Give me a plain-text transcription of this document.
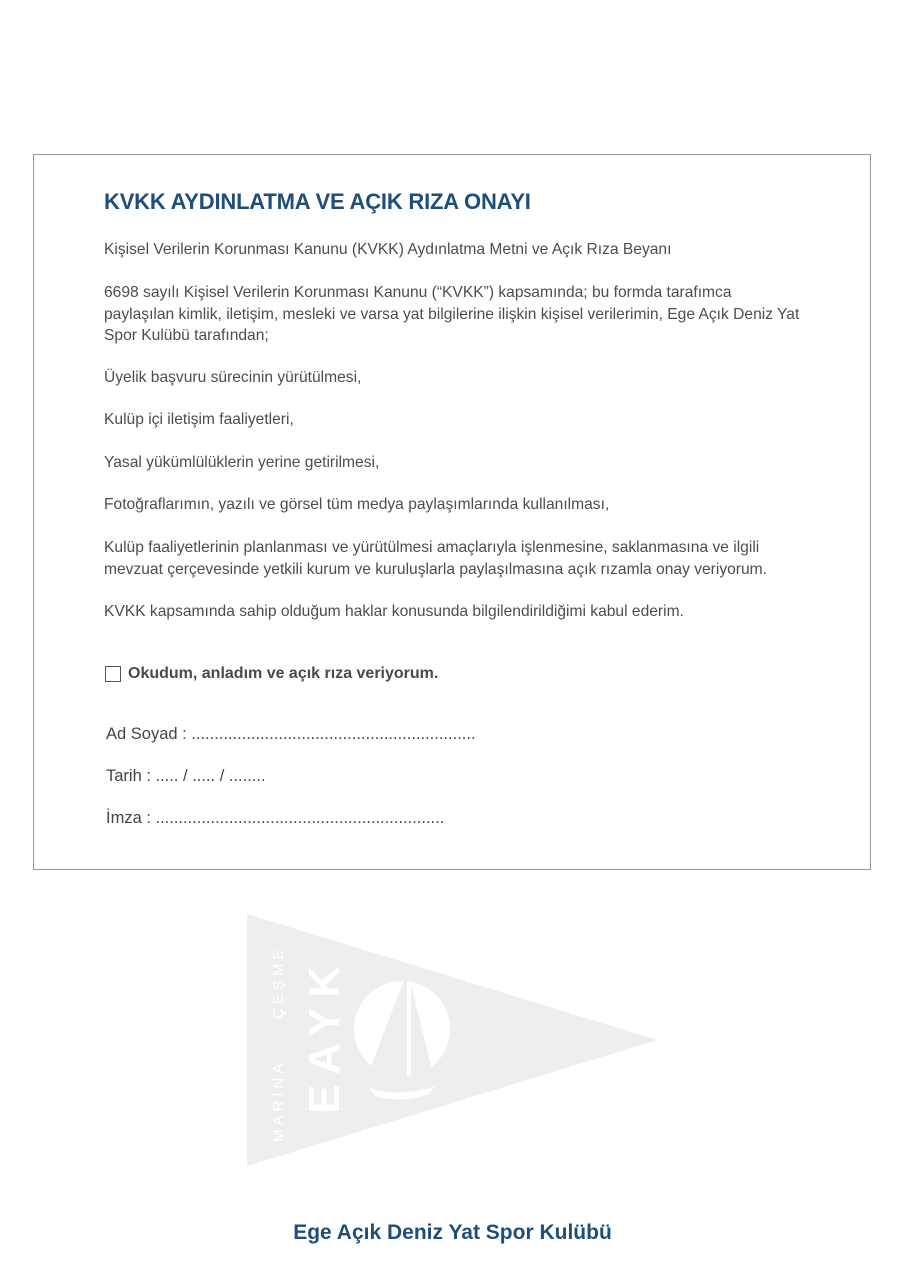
KVKK AYDINLATMA VE AÇIK RIZA ONAYI

Kişisel Verilerin Korunması Kanunu (KVKK) Aydınlatma Metni ve Açık Rıza Beyanı

6698 sayılı Kişisel Verilerin Korunması Kanunu (“KVKK”) kapsamında; bu formda tarafımca paylaşılan kimlik, iletişim, mesleki ve varsa yat bilgilerine ilişkin kişisel verilerimin, Ege Açık Deniz Yat Spor Kulübü tarafından;

Üyelik başvuru sürecinin yürütülmesi,

Kulüp içi iletişim faaliyetleri,

Yasal yükümlülüklerin yerine getirilmesi,

Fotoğraflarımın, yazılı ve görsel tüm medya paylaşımlarında kullanılması,

Kulüp faaliyetlerinin planlanması ve yürütülmesi amaçlarıyla işlenmesine, saklanmasına ve ilgili mevzuat çerçevesinde yetkili kurum ve kuruluşlarla paylaşılmasına açık rızamla onay veriyorum.

KVKK kapsamında sahip olduğum haklar konusunda bilgilendirildiğimi kabul ederim.

Okudum, anladım ve açık rıza veriyorum.
Ad Soyad : ..............................................................
Tarih : ..... / ..... / ........
İmza : ...............................................................
EAYK
ÇEŞME
MARİNA
Ege Açık Deniz Yat Spor Kulübü
